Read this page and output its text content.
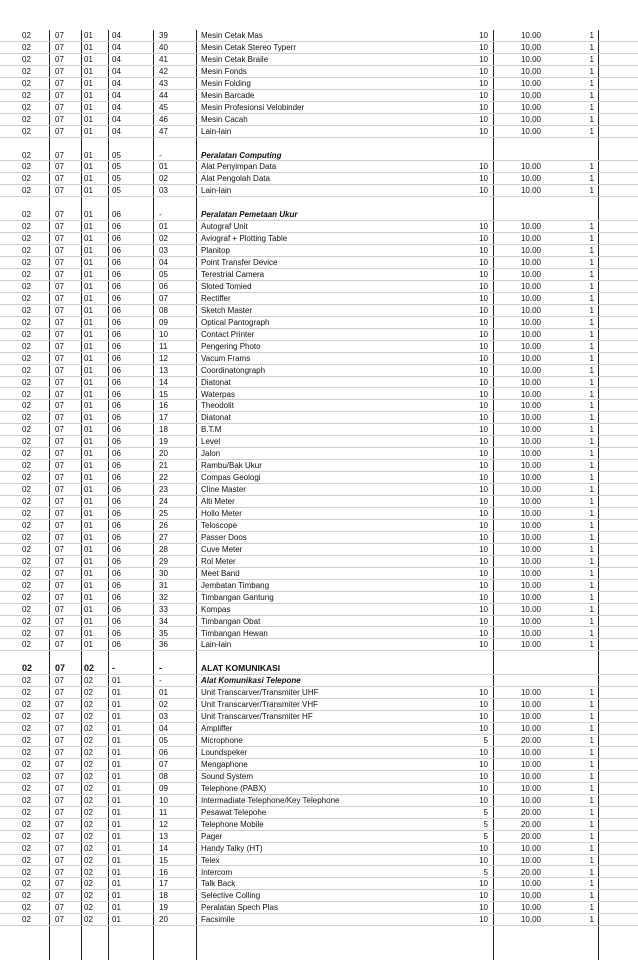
02	07	01	04	39	Mesin Cetak Mas	10	10.00	1
02	07	01	04	40	Mesin Cetak Stereo Typerr	10	10.00	1
02	07	01	04	41	Mesin Cetak Braile	10	10.00	1
02	07	01	04	42	Mesin Fonds	10	10.00	1
02	07	01	04	43	Mesin Folding	10	10.00	1
02	07	01	04	44	Mesin Barcade	10	10.00	1
02	07	01	04	45	Mesin Profesionsi Velobinder	10	10.00	1
02	07	01	04	46	Mesin Cacah	10	10.00	1
02	07	01	04	47	Lain-lain	10	10.00	1
02	07	01	05	-	Peralatan Computing
02	07	01	05	01	Alat Penyimpan Data	10	10.00	1
02	07	01	05	02	Alat Pengolah Data	10	10.00	1
02	07	01	05	03	Lain-lain	10	10.00	1
02	07	01	06	-	Peralatan Pemetaan Ukur
02	07	01	06	01	Autograf Unit	10	10.00	1
02	07	01	06	02	Aviograf + Plotting Table	10	10.00	1
02	07	01	06	03	Planitop	10	10.00	1
02	07	01	06	04	Point Transfer Device	10	10.00	1
02	07	01	06	05	Terestrial Camera	10	10.00	1
02	07	01	06	06	Sloted Tomied	10	10.00	1
02	07	01	06	07	Rectiffer	10	10.00	1
02	07	01	06	08	Sketch Master	10	10.00	1
02	07	01	06	09	Optical Pantograph	10	10.00	1
02	07	01	06	10	Contact Printer	10	10.00	1
02	07	01	06	11	Pengering Photo	10	10.00	1
02	07	01	06	12	Vacum Frams	10	10.00	1
02	07	01	06	13	Coordinatongraph	10	10.00	1
02	07	01	06	14	Diatonat	10	10.00	1
02	07	01	06	15	Waterpas	10	10.00	1
02	07	01	06	16	Theodolit	10	10.00	1
02	07	01	06	17	Diatonat	10	10.00	1
02	07	01	06	18	B.T.M	10	10.00	1
02	07	01	06	19	Level	10	10.00	1
02	07	01	06	20	Jalon	10	10.00	1
02	07	01	06	21	Rambu/Bak Ukur	10	10.00	1
02	07	01	06	22	Compas Geologi	10	10.00	1
02	07	01	06	23	Cline Master	10	10.00	1
02	07	01	06	24	Alti Meter	10	10.00	1
02	07	01	06	25	Hollo Meter	10	10.00	1
02	07	01	06	26	Teloscope	10	10.00	1
02	07	01	06	27	Passer Doos	10	10.00	1
02	07	01	06	28	Cuve Meter	10	10.00	1
02	07	01	06	29	Rol Meter	10	10.00	1
02	07	01	06	30	Meet Band	10	10.00	1
02	07	01	06	31	Jembatan Timbang	10	10.00	1
02	07	01	06	32	Timbangan Gantung	10	10.00	1
02	07	01	06	33	Kompas	10	10.00	1
02	07	01	06	34	Timbangan Obat	10	10.00	1
02	07	01	06	35	Timbangan Hewan	10	10.00	1
02	07	01	06	36	Lain-lain	10	10.00	1
02	07	02	-	-	ALAT KOMUNIKASI
02	07	02	01	-	Alat Komunikasi Telepone
02	07	02	01	01	Unit Transcarver/Transmiter UHF	10	10.00	1
02	07	02	01	02	Unit Transcarver/Transmiter VHF	10	10.00	1
02	07	02	01	03	Unit Transcarver/Transmiter HF	10	10.00	1
02	07	02	01	04	Ampliffer	10	10.00	1
02	07	02	01	05	Microphone	5	20.00	1
02	07	02	01	06	Loundspeker	10	10.00	1
02	07	02	01	07	Mengaphone	10	10.00	1
02	07	02	01	08	Sound System	10	10.00	1
02	07	02	01	09	Telephone (PABX)	10	10.00	1
02	07	02	01	10	Intermadiate Telephone/Key Telephone	10	10.00	1
02	07	02	01	11	Pesawat Telepohe	5	20.00	1
02	07	02	01	12	Telephone Mobile	5	20.00	1
02	07	02	01	13	Pager	5	20.00	1
02	07	02	01	14	Handy Talky (HT)	10	10.00	1
02	07	02	01	15	Telex	10	10.00	1
02	07	02	01	16	Intercom	5	20.00	1
02	07	02	01	17	Talk Back	10	10.00	1
02	07	02	01	18	Selective Colling	10	10.00	1
02	07	02	01	19	Peralatan Spech Plas	10	10.00	1
02	07	02	01	20	Facsimile	10	10.00	1
